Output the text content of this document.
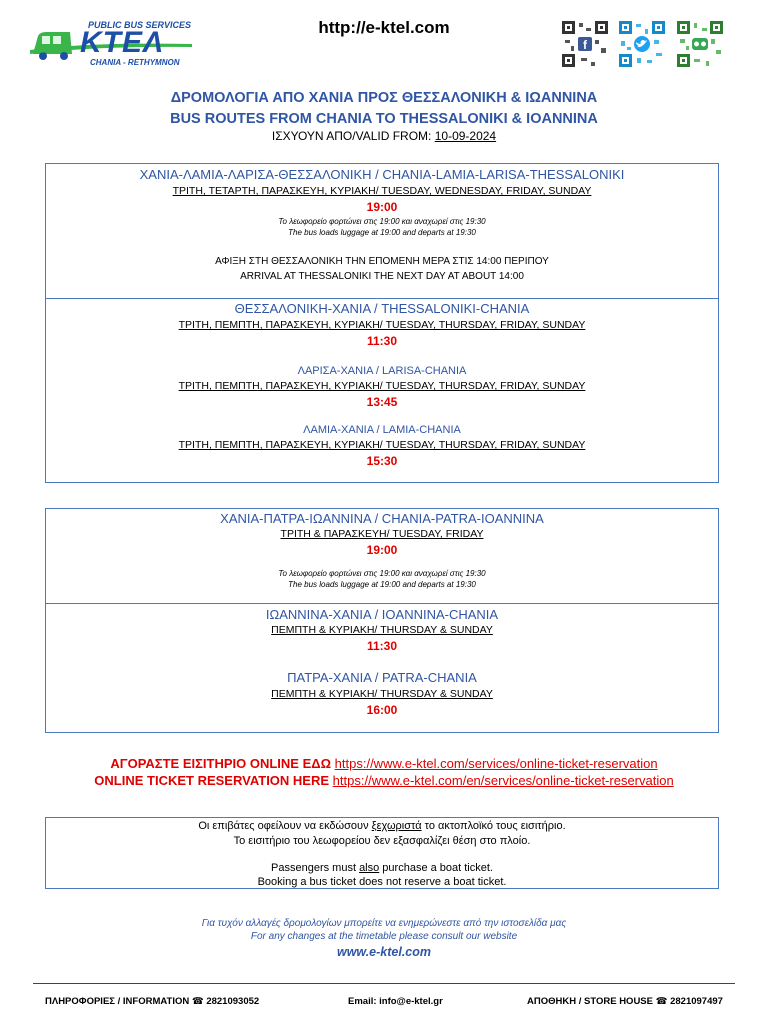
PUBLIC BUS SERVICES
KTEΛ
CHANIA - RETHYMNON
http://e-ktel.com
f
ΔΡΟΜΟΛΟΓΙΑ ΑΠΟ ΧΑΝΙΑ ΠΡΟΣ ΘΕΣΣΑΛΟΝΙΚΗ & ΙΩΑΝΝΙΝΑ
BUS ROUTES FROM CHANIA TO THESSALONIKI & IOANNINA
ΙΣΧΥΟΥΝ ΑΠΟ/VALID FROM: 10-09-2024
ΧΑΝΙΑ-ΛΑΜΙΑ-ΛΑΡΙΣΑ-ΘΕΣΣΑΛΟΝΙΚΗ / CHANIA-LAMIA-LARISA-THESSALONIKI
ΤΡΙΤΗ, ΤΕΤΑΡΤΗ, ΠΑΡΑΣΚΕΥΗ, ΚΥΡΙΑΚΗ/ TUESDAY, WEDNESDAY, FRIDAY, SUNDAY
19:00
Το λεωφορείο φορτώνει στις 19:00 και αναχωρεί στις 19:30
The bus loads luggage at 19:00 and departs at 19:30
ΑΦΙΞΗ ΣΤΗ ΘΕΣΣΑΛΟΝΙΚΗ ΤΗΝ ΕΠΟΜΕΝΗ ΜΕΡΑ ΣΤΙΣ 14:00 ΠΕΡΙΠΟΥ
ARRIVAL AT THESSALONIKI THE NEXT DAY AT ABOUT 14:00
ΘΕΣΣΑΛΟΝΙΚΗ-ΧΑΝΙΑ / THESSALONIKI-CHANIA
ΤΡΙΤΗ, ΠΕΜΠΤΗ, ΠΑΡΑΣΚΕΥΗ, ΚΥΡΙΑΚΗ/ TUESDAY, THURSDAY, FRIDAY, SUNDAY
11:30
ΛΑΡΙΣΑ-ΧΑΝΙΑ / LARISA-CHANIA
ΤΡΙΤΗ, ΠΕΜΠΤΗ, ΠΑΡΑΣΚΕΥΗ, ΚΥΡΙΑΚΗ/ TUESDAY, THURSDAY, FRIDAY, SUNDAY
13:45
ΛΑΜΙΑ-ΧΑΝΙΑ / LAMIA-CHANIA
ΤΡΙΤΗ, ΠΕΜΠΤΗ, ΠΑΡΑΣΚΕΥΗ, ΚΥΡΙΑΚΗ/ TUESDAY, THURSDAY, FRIDAY, SUNDAY
15:30
ΧΑΝΙΑ-ΠΑΤΡΑ-ΙΩΑΝΝΙΝΑ / CHANIA-PATRA-IOANNINA
ΤΡΙΤΗ & ΠΑΡΑΣΚΕΥΗ/ TUESDAY, FRIDAY
19:00
Το λεωφορείο φορτώνει στις 19:00 και αναχωρεί στις 19:30
The bus loads luggage at 19:00 and departs at 19:30
ΙΩΑΝΝΙΝΑ-ΧΑΝΙΑ / IOANNINA-CHANIA
ΠΕΜΠΤΗ & ΚΥΡΙΑΚΗ/ THURSDAY & SUNDAY
11:30
ΠΑΤΡΑ-ΧΑΝΙΑ / PATRA-CHANIA
ΠΕΜΠΤΗ & ΚΥΡΙΑΚΗ/ THURSDAY & SUNDAY
16:00
ΑΓΟΡΑΣΤΕ ΕΙΣΙΤΗΡΙΟ ONLINE ΕΔΩ https://www.e-ktel.com/services/online-ticket-reservation
ONLINE TICKET RESERVATION HERE https://www.e-ktel.com/en/services/online-ticket-reservation
Οι επιβάτες οφείλουν να εκδώσουν ξεχωριστά το ακτοπλοϊκό τους εισιτήριο.
Το εισιτήριο του λεωφορείου δεν εξασφαλίζει θέση στο πλοίο.
Passengers must also purchase a boat ticket.
Booking a bus ticket does not reserve a boat ticket.
Για τυχόν αλλαγές δρομολογίων μπορείτε να ενημερώνεστε από την ιστοσελίδα μας
For any changes at the timetable please consult our website
www.e-ktel.com
ΠΛΗΡΟΦΟΡΙΕΣ / INFORMATION ☎ 2821093052	Email: info@e-ktel.gr	ΑΠΟΘΗΚΗ / STORE HOUSE ☎ 2821097497
